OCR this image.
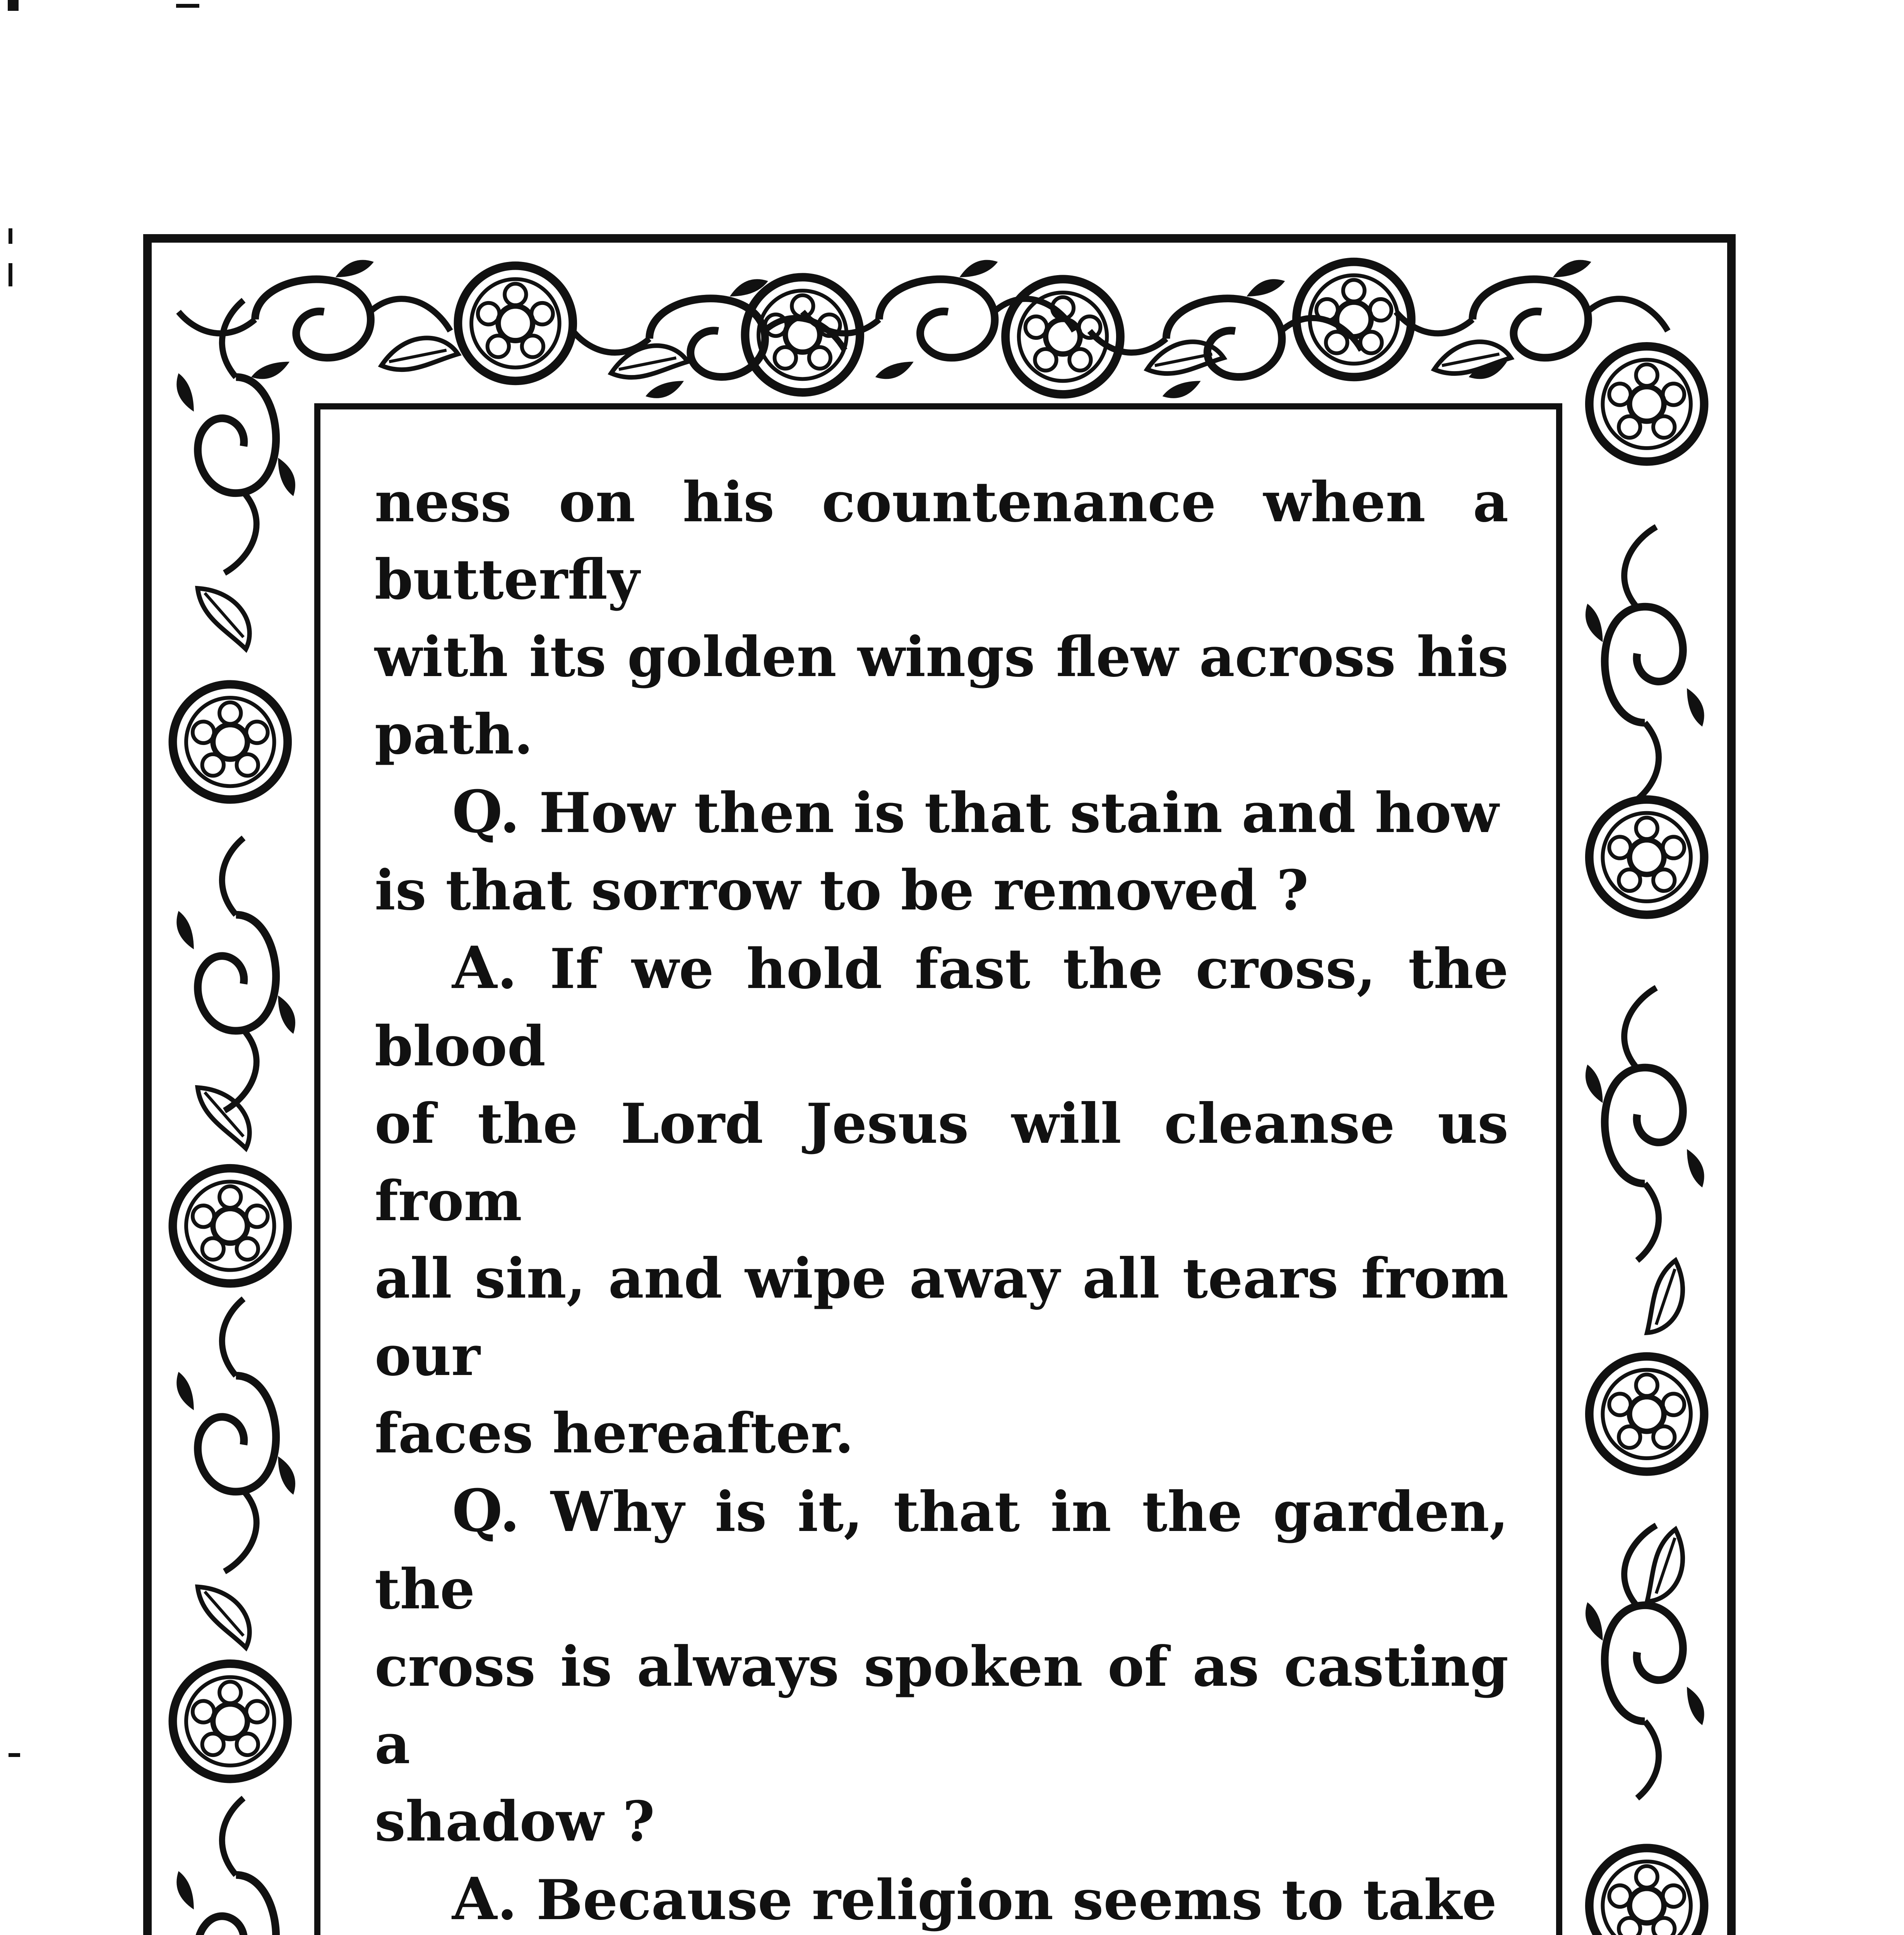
ness on his countenance when a butterfly

with its golden wings flew across his path.

Q. How then is that stain and how

is that sorrow to be removed ?

A. If we hold fast the cross, the blood

of the Lord Jesus will cleanse us from

all sin, and wipe away all tears from our

faces hereafter.

Q. Why is it, that in the garden, the

cross is always spoken of as casting a

shadow ?

A. Because religion seems to take
